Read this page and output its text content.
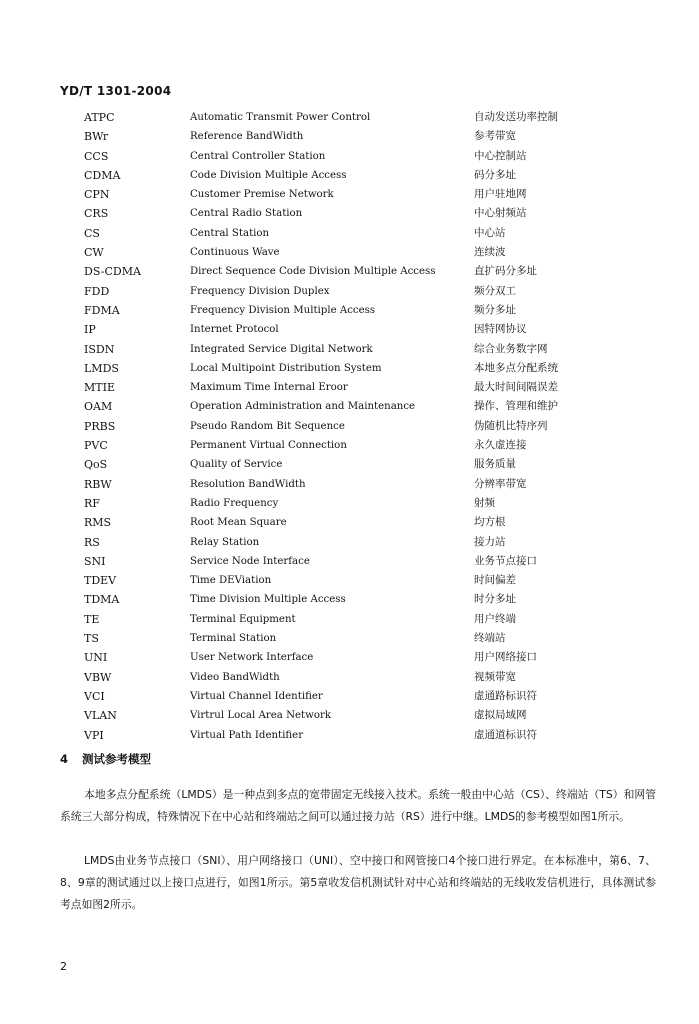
YD/T 1301-2004
ATPC	Automatic Transmit Power Control	自动发送功率控制
BWr	Reference BandWidth	参考带宽
CCS	Central Controller Station	中心控制站
CDMA	Code Division Multiple Access	码分多址
CPN	Customer Premise Network	用户驻地网
CRS	Central Radio Station	中心射频站
CS	Central Station	中心站
CW	Continuous Wave	连续波
DS-CDMA	Direct Sequence Code Division Multiple Access	直扩码分多址
FDD	Frequency Division Duplex	频分双工
FDMA	Frequency Division Multiple Access	频分多址
IP	Internet Protocol	因特网协议
ISDN	Integrated Service Digital Network	综合业务数字网
LMDS	Local Multipoint Distribution System	本地多点分配系统
MTIE	Maximum Time Internal Eroor	最大时间间隔误差
OAM	Operation Administration and Maintenance	操作、管理和维护
PRBS	Pseudo Random Bit Sequence	伪随机比特序列
PVC	Permanent Virtual Connection	永久虚连接
QoS	Quality of Service	服务质量
RBW	Resolution BandWidth	分辨率带宽
RF	Radio Frequency	射频
RMS	Root Mean Square	均方根
RS	Relay Station	接力站
SNI	Service Node Interface	业务节点接口
TDEV	Time DEViation	时间偏差
TDMA	Time Division Multiple Access	时分多址
TE	Terminal Equipment	用户终端
TS	Terminal Station	终端站
UNI	User Network Interface	用户网络接口
VBW	Video BandWidth	视频带宽
VCI	Virtual Channel Identifier	虚通路标识符
VLAN	Virtrul Local Area Network	虚拟局域网
VPI	Virtual Path Identifier	虚通道标识符
4 测试参考模型

本地多点分配系统（LMDS）是一种点到多点的宽带固定无线接入技术。系统一般由中心站（CS）、终端站（TS）和网管系统三大部分构成，特殊情况下在中心站和终端站之间可以通过接力站（RS）进行中继。LMDS的参考模型如图1所示。

LMDS由业务节点接口（SNI）、用户网络接口（UNI）、空中接口和网管接口4个接口进行界定。在本标准中，第6、7、8、9章的测试通过以上接口点进行，如图1所示。第5章收发信机测试针对中心站和终端站的无线收发信机进行，具体测试参考点如图2所示。

2
